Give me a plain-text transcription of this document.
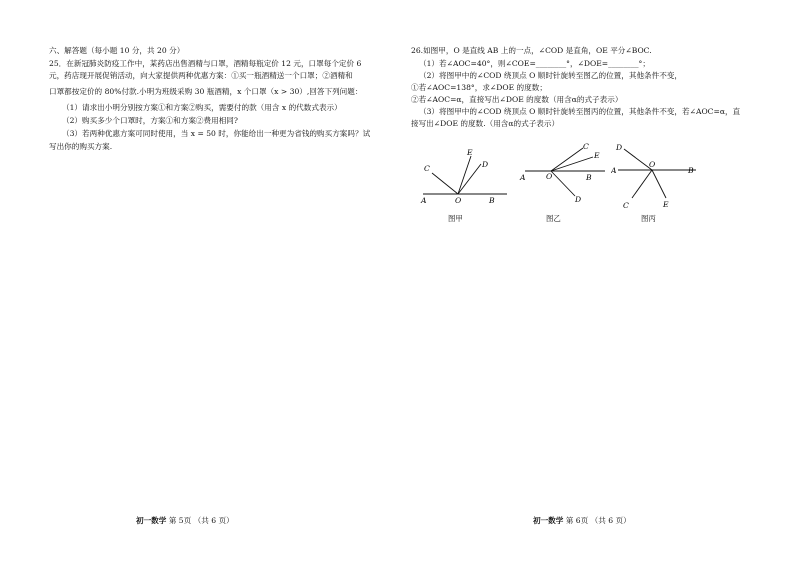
六、解答题（每小题 10 分，共 20 分）
25．在新冠肺炎防疫工作中，某药店出售酒精与口罩，酒精每瓶定价 12 元，口罩每个定价 6
元，药店现开展促销活动，向大家提供两种优惠方案：①买一瓶酒精送一个口罩；②酒精和
口罩都按定价的 80%付款.小明为班级采购 30 瓶酒精，x 个口罩（x > 30）,回答下列问题：
（1）请求出小明分别按方案①和方案②购买，需要付的款（用含 x 的代数式表示）
（2）购买多少个口罩时，方案①和方案②费用相同?
（3）若两种优惠方案可同时使用，当 x = 50 时，你能给出一种更为省钱的购买方案吗？试
写出你的购买方案.
初一数学 第 5页 （共 6 页）
26.如图甲，O 是直线 AB 上的一点，∠COD 是直角，OE 平分∠BOC.
（1）若∠AOC=40°，则∠COE=________°，∠DOE=________°；
（2）将图甲中的∠COD 绕顶点 O 顺时针旋转至图乙的位置，其他条件不变，
①若∠AOC=138°，求∠DOE 的度数；
②若∠AOC=α，直接写出∠DOE 的度数（用含α的式子表示）
（3）将图甲中的∠COD 绕顶点 O 顺时针旋转至图丙的位置，其他条件不变，若∠AOC=α，直
接写出∠DOE 的度数.（用含α的式子表示）
C
E
D
A	O	B
图甲
C
E
A	O	B
D
图乙
D
O
A	B
C	E
图丙
初一数学 第 6页 （共 6 页）
